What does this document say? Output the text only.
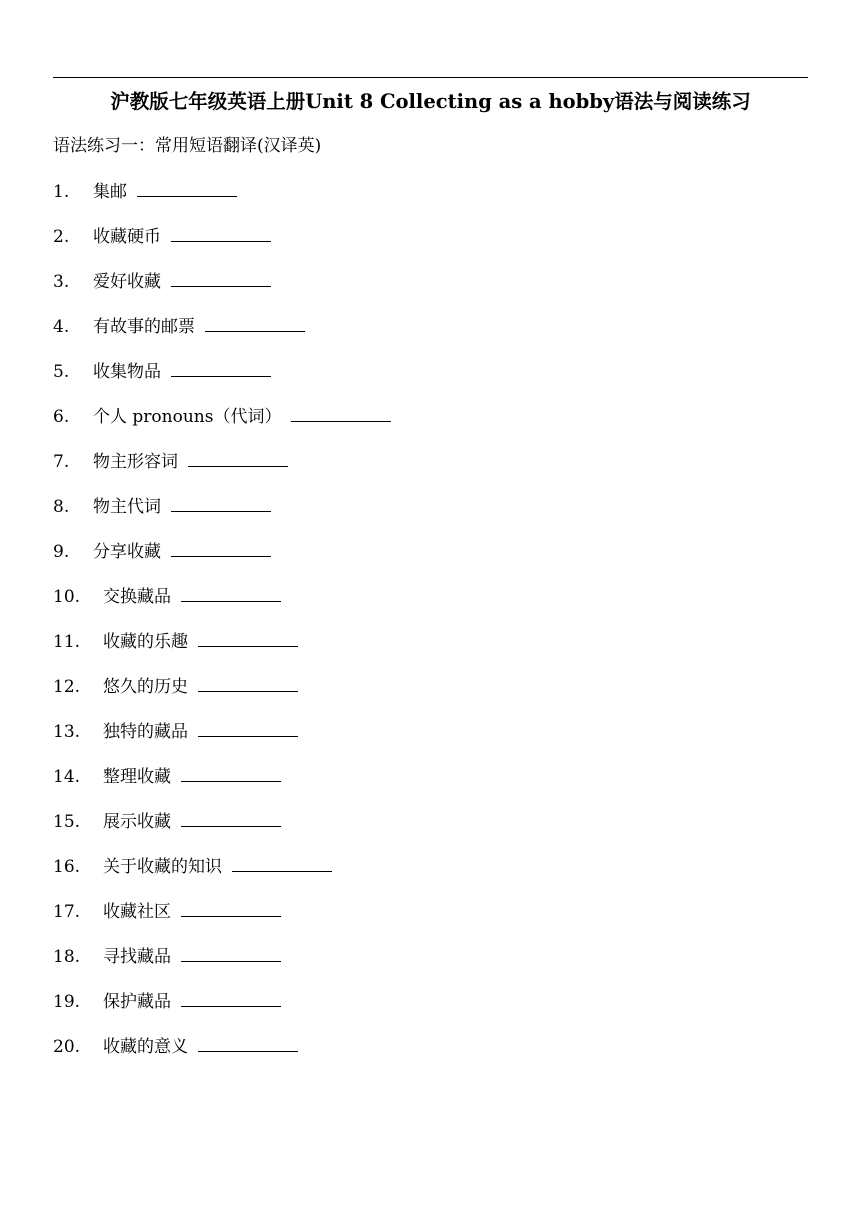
沪教版七年级英语上册Unit 8 Collecting as a hobby语法与阅读练习
语法练习一：常用短语翻译(汉译英)
1. 集邮
2. 收藏硬币
3. 爱好收藏
4. 有故事的邮票
5. 收集物品
6. 个人 pronouns（代词）
7. 物主形容词
8. 物主代词
9. 分享收藏
10. 交换藏品
11. 收藏的乐趣
12. 悠久的历史
13. 独特的藏品
14. 整理收藏
15. 展示收藏
16. 关于收藏的知识
17. 收藏社区
18. 寻找藏品
19. 保护藏品
20. 收藏的意义
